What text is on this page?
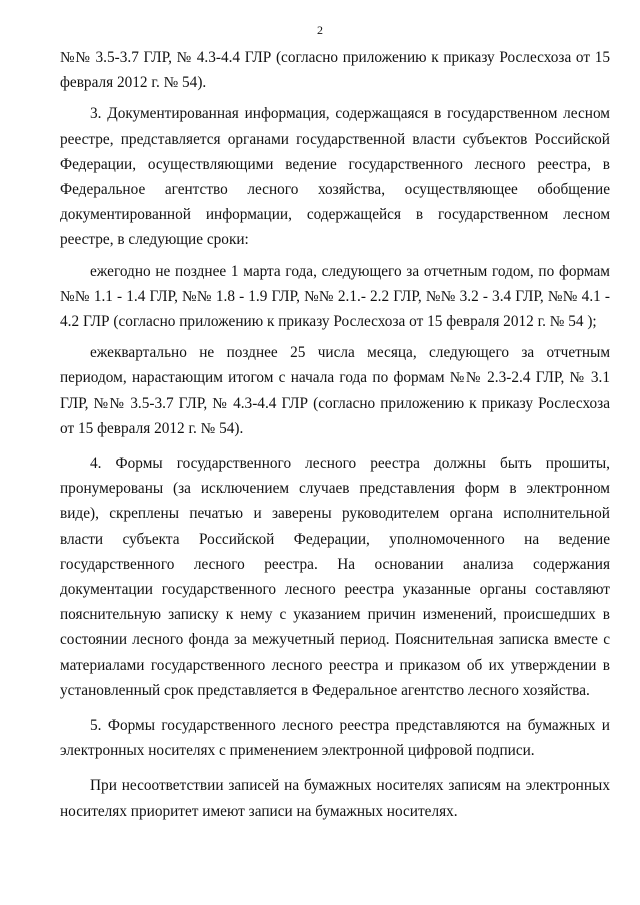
2

№№ 3.5-3.7 ГЛР, № 4.3-4.4 ГЛР (согласно приложению к приказу Рослесхоза от 15 февраля 2012 г. № 54).

3. Документированная информация, содержащаяся в государственном лесном реестре, представляется органами государственной власти субъектов Российской Федерации, осуществляющими ведение государственного лесного реестра, в Федеральное агентство лесного хозяйства, осуществляющее обобщение документированной информации, содержащейся в государственном лесном реестре, в следующие сроки:

ежегодно не позднее 1 марта года, следующего за отчетным годом, по формам №№ 1.1 - 1.4 ГЛР, №№ 1.8 - 1.9 ГЛР, №№ 2.1.- 2.2 ГЛР, №№ 3.2 - 3.4 ГЛР, №№ 4.1 - 4.2 ГЛР (согласно приложению к приказу Рослесхоза от 15 февраля 2012 г. № 54 );

ежеквартально не позднее 25 числа месяца, следующего за отчетным периодом, нарастающим итогом с начала года по формам №№ 2.3-2.4 ГЛР, № 3.1 ГЛР, №№ 3.5-3.7 ГЛР, № 4.3-4.4 ГЛР (согласно приложению к приказу Рослесхоза от 15 февраля 2012 г. № 54).

4. Формы государственного лесного реестра должны быть прошиты, пронумерованы (за исключением случаев представления форм в электронном виде), скреплены печатью и заверены руководителем органа исполнительной власти субъекта Российской Федерации, уполномоченного на ведение государственного лесного реестра. На основании анализа содержания документации государственного лесного реестра указанные органы составляют пояснительную записку к нему с указанием причин изменений, происшедших в состоянии лесного фонда за межучетный период. Пояснительная записка вместе с материалами государственного лесного реестра и приказом об их утверждении в установленный срок представляется в Федеральное агентство лесного хозяйства.

5. Формы государственного лесного реестра представляются на бумажных и электронных носителях с применением электронной цифровой подписи.

При несоответствии записей на бумажных носителях записям на электронных носителях приоритет имеют записи на бумажных носителях.
